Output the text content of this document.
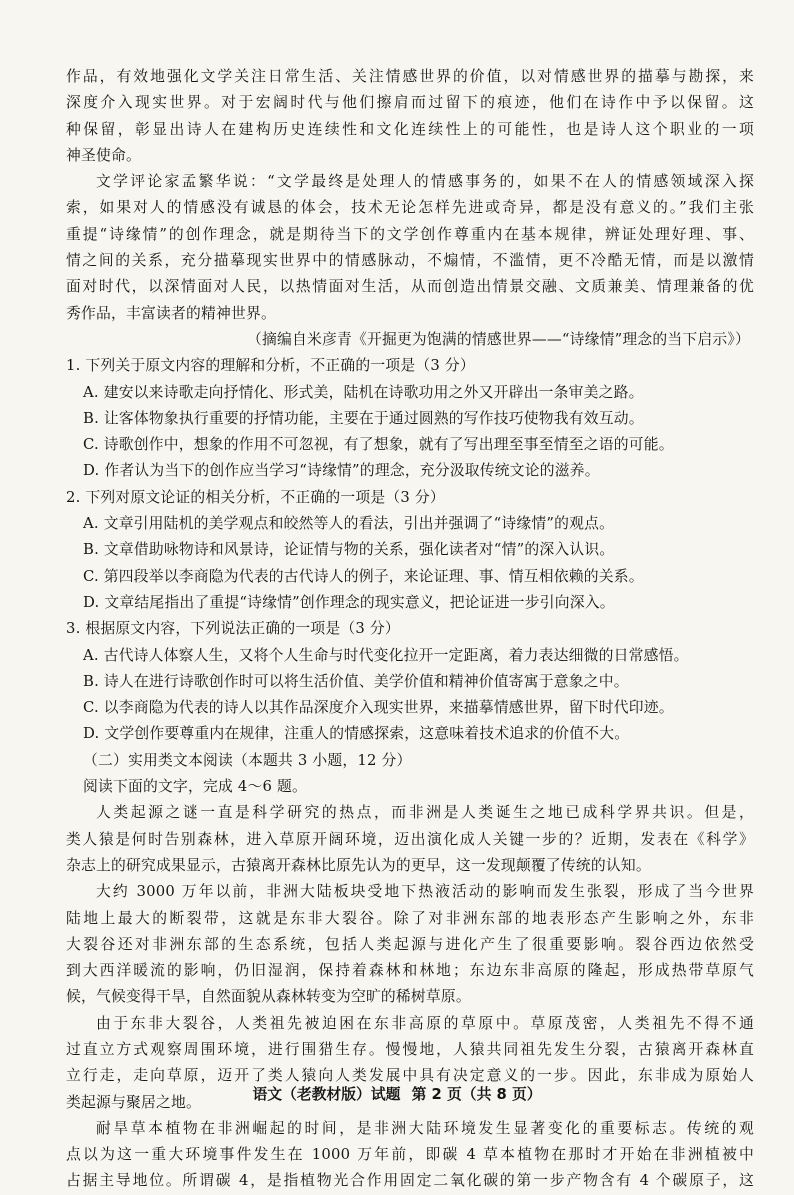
作品，有效地强化文学关注日常生活、关注情感世界的价值，以对情感世界的描摹与勘探，来

深度介入现实世界。对于宏阔时代与他们擦肩而过留下的痕迹，他们在诗作中予以保留。这

种保留，彰显出诗人在建构历史连续性和文化连续性上的可能性，也是诗人这个职业的一项

神圣使命。

文学评论家孟繁华说：“文学最终是处理人的情感事务的，如果不在人的情感领域深入探

索，如果对人的情感没有诚恳的体会，技术无论怎样先进或奇异，都是没有意义的。”我们主张

重提“诗缘情”的创作理念，就是期待当下的文学创作尊重内在基本规律，辨证处理好理、事、

情之间的关系，充分描摹现实世界中的情感脉动，不煽情，不滥情，更不冷酷无情，而是以激情

面对时代，以深情面对人民，以热情面对生活，从而创造出情景交融、文质兼美、情理兼备的优

秀作品，丰富读者的精神世界。

（摘编自米彦青《开掘更为饱满的情感世界——“诗缘情”理念的当下启示》）

1. 下列关于原文内容的理解和分析，不正确的一项是（3 分）

A. 建安以来诗歌走向抒情化、形式美，陆机在诗歌功用之外又开辟出一条审美之路。

B. 让客体物象执行重要的抒情功能，主要在于通过圆熟的写作技巧使物我有效互动。

C. 诗歌创作中，想象的作用不可忽视，有了想象，就有了写出理至事至情至之语的可能。

D. 作者认为当下的创作应当学习“诗缘情”的理念，充分汲取传统文论的滋养。

2. 下列对原文论证的相关分析，不正确的一项是（3 分）

A. 文章引用陆机的美学观点和皎然等人的看法，引出并强调了“诗缘情”的观点。

B. 文章借助咏物诗和风景诗，论证情与物的关系，强化读者对“情”的深入认识。

C. 第四段举以李商隐为代表的古代诗人的例子，来论证理、事、情互相依赖的关系。

D. 文章结尾指出了重提“诗缘情”创作理念的现实意义，把论证进一步引向深入。

3. 根据原文内容，下列说法正确的一项是（3 分）

A. 古代诗人体察人生，又将个人生命与时代变化拉开一定距离，着力表达细微的日常感悟。

B. 诗人在进行诗歌创作时可以将生活价值、美学价值和精神价值寄寓于意象之中。

C. 以李商隐为代表的诗人以其作品深度介入现实世界，来描摹情感世界，留下时代印迹。

D. 文学创作要尊重内在规律，注重人的情感探索，这意味着技术追求的价值不大。

（二）实用类文本阅读（本题共 3 小题，12 分）

阅读下面的文字，完成 4～6 题。

人类起源之谜一直是科学研究的热点，而非洲是人类诞生之地已成科学界共识。但是，

类人猿是何时告别森林，进入草原开阔环境，迈出演化成人关键一步的？近期，发表在《科学》

杂志上的研究成果显示，古猿离开森林比原先认为的更早，这一发现颠覆了传统的认知。

大约 3000 万年以前，非洲大陆板块受地下热液活动的影响而发生张裂，形成了当今世界

陆地上最大的断裂带，这就是东非大裂谷。除了对非洲东部的地表形态产生影响之外，东非

大裂谷还对非洲东部的生态系统，包括人类起源与进化产生了很重要影响。裂谷西边依然受

到大西洋暖流的影响，仍旧湿润，保持着森林和林地；东边东非高原的隆起，形成热带草原气

候，气候变得干旱，自然面貌从森林转变为空旷的稀树草原。

由于东非大裂谷，人类祖先被迫困在东非高原的草原中。草原茂密，人类祖先不得不通

过直立方式观察周围环境，进行围猎生存。慢慢地，人猿共同祖先发生分裂，古猿离开森林直

立行走，走向草原，迈开了类人猿向人类发展中具有决定意义的一步。因此，东非成为原始人

类起源与聚居之地。

耐旱草本植物在非洲崛起的时间，是非洲大陆环境发生显著变化的重要标志。传统的观

点以为这一重大环境事件发生在 1000 万年前，即碳 4 草本植物在那时才开始在非洲植被中

占据主导地位。所谓碳 4，是指植物光合作用固定二氧化碳的第一步产物含有 4 个碳原子，这

语文（老教材版）试题 第 2 页（共 8 页）
